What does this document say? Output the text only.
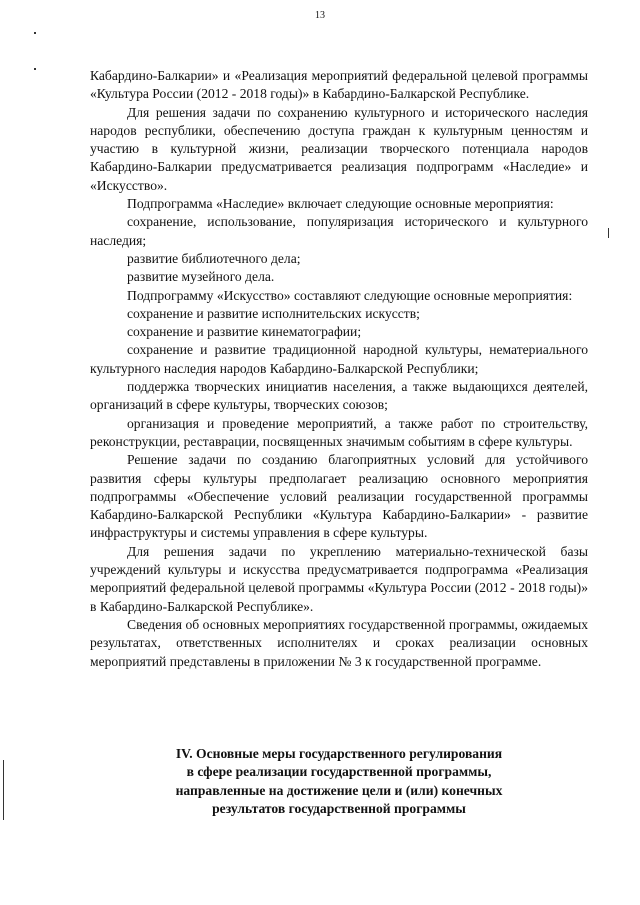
13

Кабардино-Балкарии» и «Реализация мероприятий федеральной целевой программы «Культура России (2012 - 2018 годы)» в Кабардино-Балкарской Республике.

Для решения задачи по сохранению культурного и исторического наследия народов республики, обеспечению доступа граждан к культурным ценностям и участию в культурной жизни, реализации творческого потенциала народов Кабардино-Балкарии предусматривается реализация подпрограмм «Наследие» и «Искусство».

Подпрограмма «Наследие» включает следующие основные мероприятия:

сохранение, использование, популяризация исторического и культурного наследия;

развитие библиотечного дела;

развитие музейного дела.

Подпрограмму «Искусство» составляют следующие основные мероприятия:

сохранение и развитие исполнительских искусств;

сохранение и развитие кинематографии;

сохранение и развитие традиционной народной культуры, нематериального культурного наследия народов Кабардино-Балкарской Республики;

поддержка творческих инициатив населения, а также выдающихся деятелей, организаций в сфере культуры, творческих союзов;

организация и проведение мероприятий, а также работ по строительству, реконструкции, реставрации, посвященных значимым событиям в сфере культуры.

Решение задачи по созданию благоприятных условий для устойчивого развития сферы культуры предполагает реализацию основного мероприятия подпрограммы «Обеспечение условий реализации государственной программы Кабардино-Балкарской Республики «Культура Кабардино-Балкарии» - развитие инфраструктуры и системы управления в сфере культуры.

Для решения задачи по укреплению материально-технической базы учреждений культуры и искусства предусматривается подпрограмма «Реализация мероприятий федеральной целевой программы «Культура России (2012 - 2018 годы)» в Кабардино-Балкарской Республике».

Сведения об основных мероприятиях государственной программы, ожидаемых результатах, ответственных исполнителях и сроках реализации основных мероприятий представлены в приложении № 3 к государственной программе.

IV. Основные меры государственного регулирования
в сфере реализации государственной программы,
направленные на достижение цели и (или) конечных
результатов государственной программы
